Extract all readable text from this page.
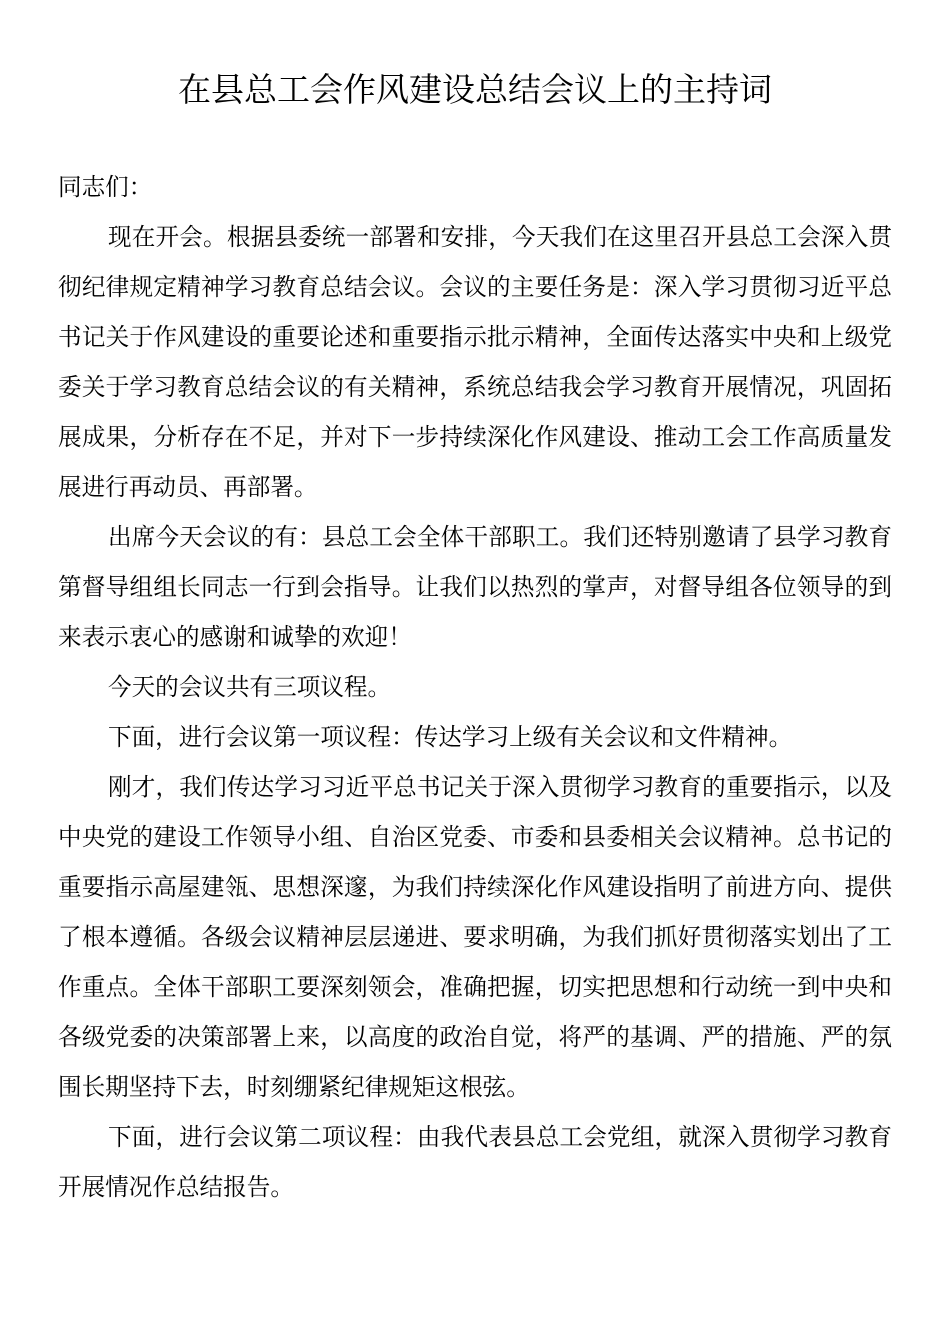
在县总工会作风建设总结会议上的主持词

同志们：

现在开会。根据县委统一部署和安排，今天我们在这里召开县总工会深入贯彻纪律规定精神学习教育总结会议。会议的主要任务是：深入学习贯彻习近平总书记关于作风建设的重要论述和重要指示批示精神，全面传达落实中央和上级党委关于学习教育总结会议的有关精神，系统总结我会学习教育开展情况，巩固拓展成果，分析存在不足，并对下一步持续深化作风建设、推动工会工作高质量发展进行再动员、再部署。

出席今天会议的有：县总工会全体干部职工。我们还特别邀请了县学习教育第督导组组长同志一行到会指导。让我们以热烈的掌声，对督导组各位领导的到来表示衷心的感谢和诚挚的欢迎！

今天的会议共有三项议程。

下面，进行会议第一项议程：传达学习上级有关会议和文件精神。

刚才，我们传达学习习近平总书记关于深入贯彻学习教育的重要指示，以及中央党的建设工作领导小组、自治区党委、市委和县委相关会议精神。总书记的重要指示高屋建瓴、思想深邃，为我们持续深化作风建设指明了前进方向、提供了根本遵循。各级会议精神层层递进、要求明确，为我们抓好贯彻落实划出了工作重点。全体干部职工要深刻领会，准确把握，切实把思想和行动统一到中央和各级党委的决策部署上来，以高度的政治自觉，将严的基调、严的措施、严的氛围长期坚持下去，时刻绷紧纪律规矩这根弦。

下面，进行会议第二项议程：由我代表县总工会党组，就深入贯彻学习教育开展情况作总结报告。
